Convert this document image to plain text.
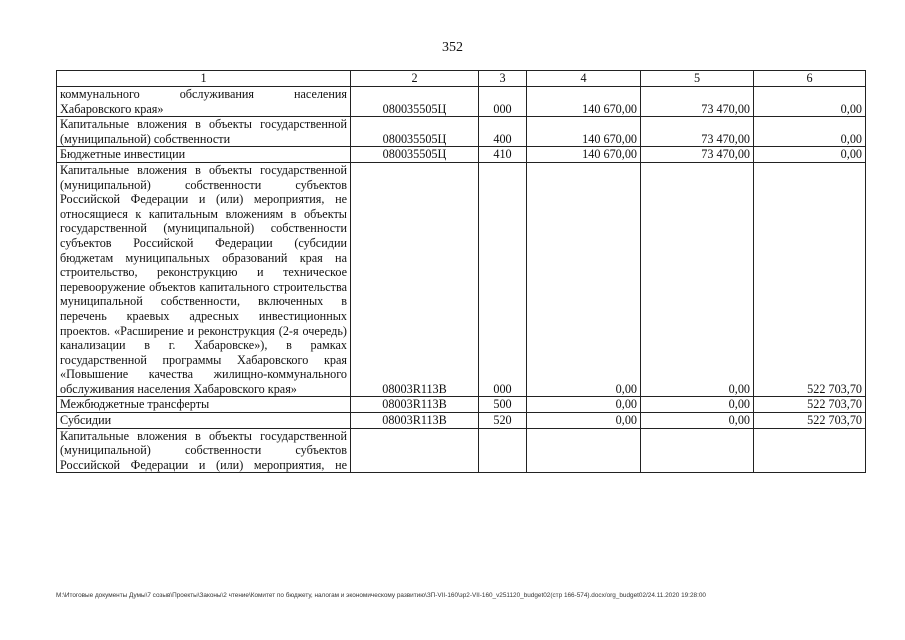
352
1	2	3	4	5	6
коммунального обслуживания населения Хабаровского края»	080035505Ц	000	140 670,00	73 470,00	0,00
Капитальные вложения в объекты государственной (муниципальной) собственности	080035505Ц	400	140 670,00	73 470,00	0,00
Бюджетные инвестиции	080035505Ц	410	140 670,00	73 470,00	0,00
Капитальные вложения в объекты государственной (муниципальной) собственности субъектов Российской Федерации и (или) мероприятия, не относящиеся к капитальным вложениям в объекты государственной (муниципальной) собственности субъектов Российской Федерации (субсидии бюджетам муниципальных образований края на строительство, реконструкцию и техническое перевооружение объектов капитального строительства муниципальной собственности, включенных в перечень краевых адресных инвестиционных проектов. «Расширение и реконструкция (2-я очередь) канализации в г. Хабаровске»), в рамках государственной программы Хабаровского края «Повышение качества жилищно-коммунального обслуживания населения Хабаровского края»	08003R113B	000	0,00	0,00	522 703,70
Межбюджетные трансферты	08003R113B	500	0,00	0,00	522 703,70
Субсидии	08003R113B	520	0,00	0,00	522 703,70
Капитальные вложения в объекты государственной (муниципальной) собственности субъектов Российской Федерации и (или) мероприятия, не					
M:\Итоговые документы Думы\7 созыв\Проекты\Законы\2 чтение\Комитет по бюджету, налогам и экономическому развитию\ЗП-VII-160\зр2-VII-160_v251120_budget02(стр 166-574).docx/org_budget02/24.11.2020 19:28:00
